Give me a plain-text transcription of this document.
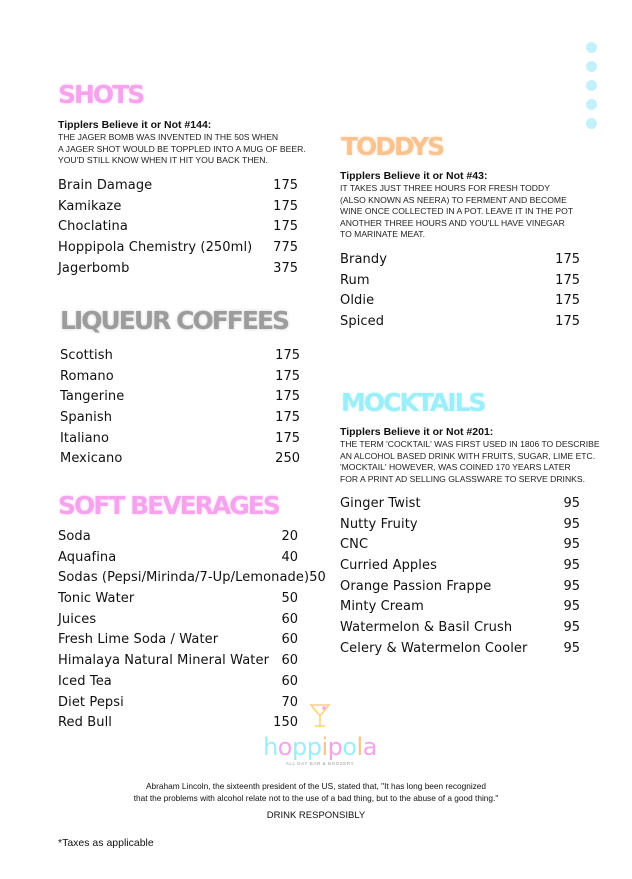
SHOTS
Tipplers Believe it or Not #144:
THE JAGER BOMB WAS INVENTED IN THE 50S WHEN
A JAGER SHOT WOULD BE TOPPLED INTO A MUG OF BEER.
YOU'D STILL KNOW WHEN IT HIT YOU BACK THEN.
Brain Damage	175
Kamikaze	175
Choclatina	175
Hoppipola Chemistry (250ml) 775
Jagerbomb	375
LIQUEUR COFFEES
Scottish	175
Romano	175
Tangerine	175
Spanish	175
Italiano	175
Mexicano	250
SOFT BEVERAGES
Soda	20
Aquafina	40
Sodas (Pepsi/Mirinda/7-Up/Lemonade) 50
Tonic Water	50
Juices	60
Fresh Lime Soda / Water	60
Himalaya Natural Mineral Water 60
Iced Tea	60
Diet Pepsi	70
Red Bull	150
TODDYS
Tipplers Believe it or Not #43:
IT TAKES JUST THREE HOURS FOR FRESH TODDY
(ALSO KNOWN AS NEERA) TO FERMENT AND BECOME
WINE ONCE COLLECTED IN A POT. LEAVE IT IN THE POT
ANOTHER THREE HOURS AND YOU'LL HAVE VINEGAR
TO MARINATE MEAT.
Brandy	175
Rum	175
Oldie	175
Spiced	175
MOCKTAILS
Tipplers Believe it or Not #201:
THE TERM 'COCKTAIL' WAS FIRST USED IN 1806 TO DESCRIBE
AN ALCOHOL BASED DRINK WITH FRUITS, SUGAR, LIME ETC.
'MOCKTAIL' HOWEVER, WAS COINED 170 YEARS LATER
FOR A PRINT AD SELLING GLASSWARE TO SERVE DRINKS.
Ginger Twist	95
Nutty Fruity	95
CNC	95
Curried Apples	95
Orange Passion Frappe	95
Minty Cream	95
Watermelon & Basil Crush	95
Celery & Watermelon Cooler	95
hoppipola
ALL DAY BAR & BOOZERY
Abraham Lincoln, the sixteenth president of the US, stated that, "It has long been recognized
that the problems with alcohol relate not to the use of a bad thing, but to the abuse of a good thing."
DRINK RESPONSIBLY
*Taxes as applicable
